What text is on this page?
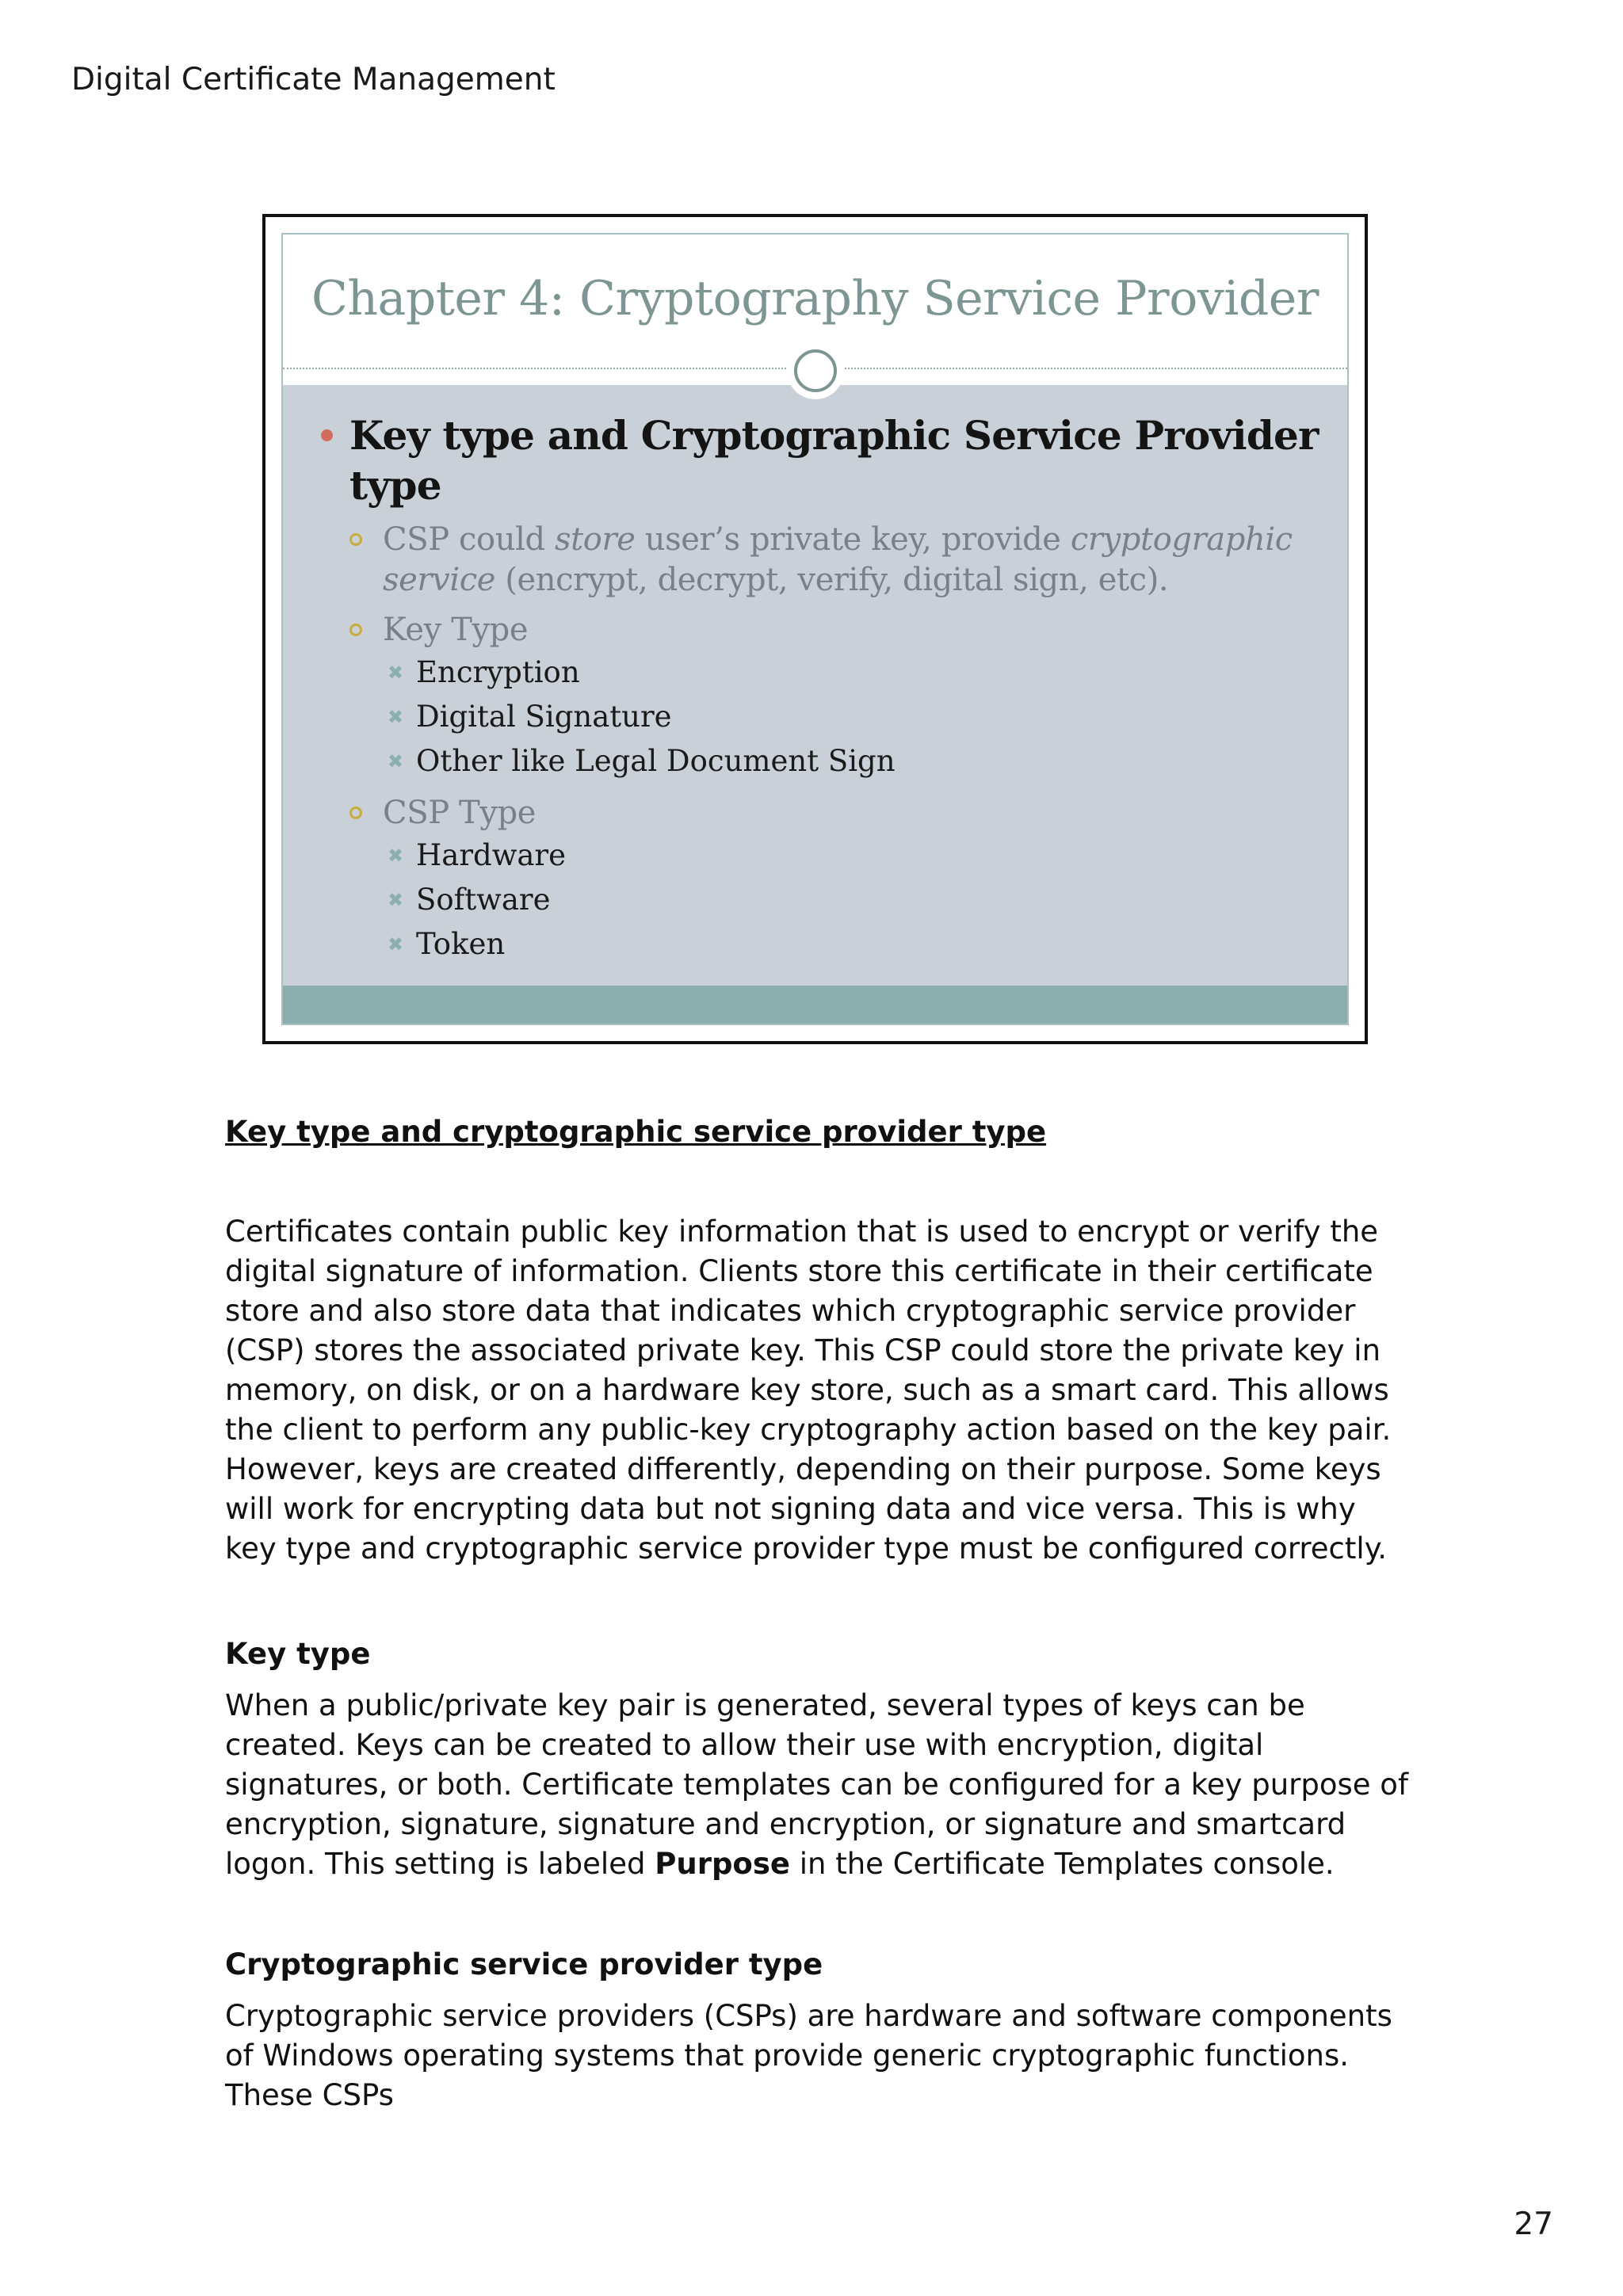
Digital Certificate Management
Chapter 4: Cryptography Service Provider
Key type and Cryptographic Service Provider type
CSP could store user’s private key, provide cryptographic service (encrypt, decrypt, verify, digital sign, etc).
Key Type
✖ Encryption
✖ Digital Signature
✖ Other like Legal Document Sign
CSP Type
✖ Hardware
✖ Software
✖ Token
Key type and cryptographic service provider type

Certificates contain public key information that is used to encrypt or verify the digital signature of information. Clients store this certificate in their certificate store and also store data that indicates which cryptographic service provider (CSP) stores the associated private key. This CSP could store the private key in memory, on disk, or on a hardware key store, such as a smart card. This allows the client to perform any public-key cryptography action based on the key pair. However, keys are created differently, depending on their purpose. Some keys will work for encrypting data but not signing data and vice versa. This is why key type and cryptographic service provider type must be configured correctly.

Key type

When a public/private key pair is generated, several types of keys can be created. Keys can be created to allow their use with encryption, digital signatures, or both. Certificate templates can be configured for a key purpose of encryption, signature, signature and encryption, or signature and smartcard logon. This setting is labeled Purpose in the Certificate Templates console.

Cryptographic service provider type

Cryptographic service providers (CSPs) are hardware and software components of Windows operating systems that provide generic cryptographic functions. These CSPs

27
